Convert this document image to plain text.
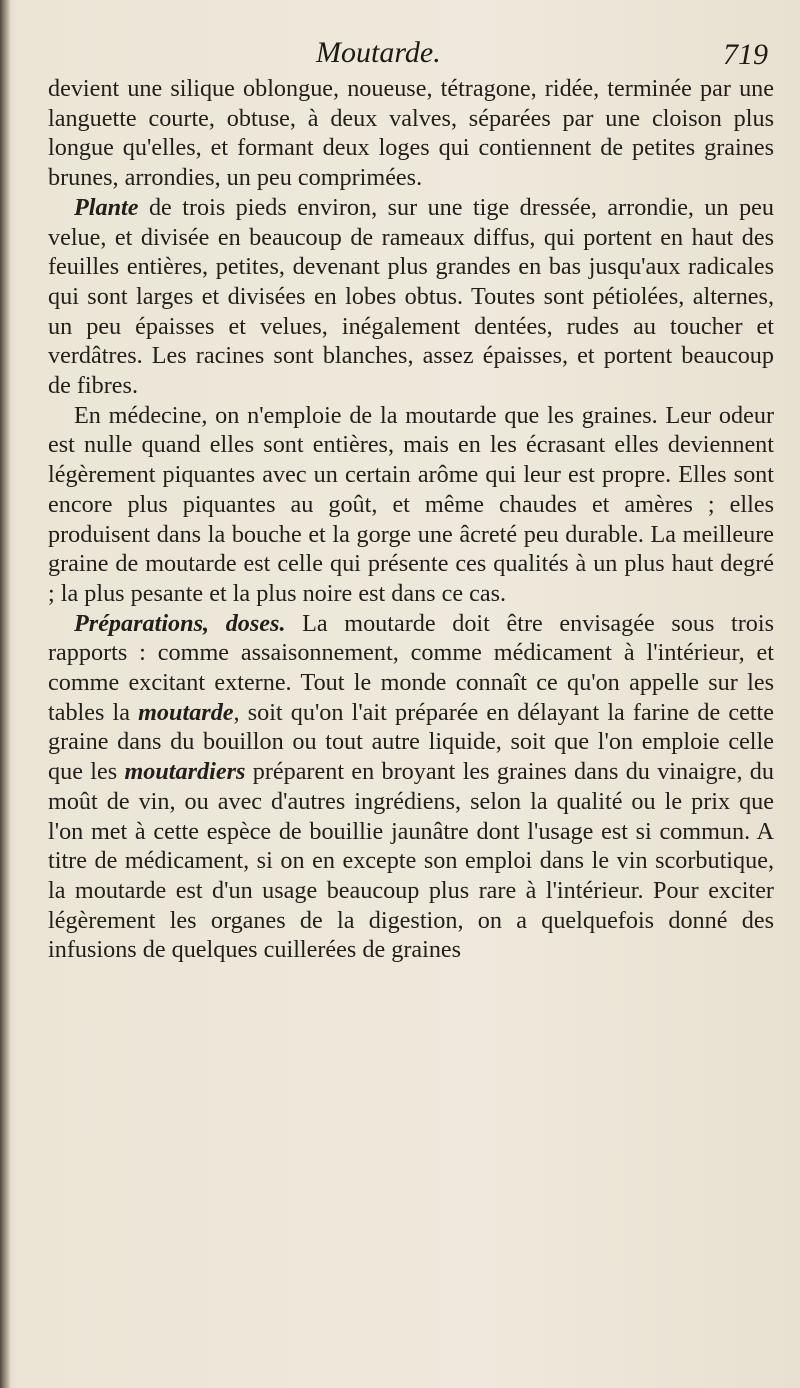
Moutarde.	719

devient une silique oblongue, noueuse, tétragone, ridée, terminée par une languette courte, obtuse, à deux valves, séparées par une cloison plus longue qu'elles, et formant deux loges qui contiennent de petites graines brunes, arrondies, un peu comprimées.

Plante de trois pieds environ, sur une tige dressée, arrondie, un peu velue, et divisée en beaucoup de rameaux diffus, qui portent en haut des feuilles entières, petites, devenant plus grandes en bas jusqu'aux radicales qui sont larges et divisées en lobes obtus. Toutes sont pétiolées, alternes, un peu épaisses et velues, inégalement dentées, rudes au toucher et verdâtres. Les racines sont blanches, assez épaisses, et portent beaucoup de fibres.

En médecine, on n'emploie de la moutarde que les graines. Leur odeur est nulle quand elles sont entières, mais en les écrasant elles deviennent légèrement piquantes avec un certain arôme qui leur est propre. Elles sont encore plus piquantes au goût, et même chaudes et amères ; elles produisent dans la bouche et la gorge une âcreté peu durable. La meilleure graine de moutarde est celle qui présente ces qualités à un plus haut degré ; la plus pesante et la plus noire est dans ce cas.

Préparations, doses. La moutarde doit être envisagée sous trois rapports : comme assaisonnement, comme médicament à l'intérieur, et comme excitant externe. Tout le monde connaît ce qu'on appelle sur les tables la moutarde, soit qu'on l'ait préparée en délayant la farine de cette graine dans du bouillon ou tout autre liquide, soit que l'on emploie celle que les moutardiers préparent en broyant les graines dans du vinaigre, du moût de vin, ou avec d'autres ingrédiens, selon la qualité ou le prix que l'on met à cette espèce de bouillie jaunâtre dont l'usage est si commun. A titre de médicament, si on en excepte son emploi dans le vin scorbutique, la moutarde est d'un usage beaucoup plus rare à l'intérieur. Pour exciter légèrement les organes de la digestion, on a quelquefois donné des infusions de quelques cuillerées de graines
